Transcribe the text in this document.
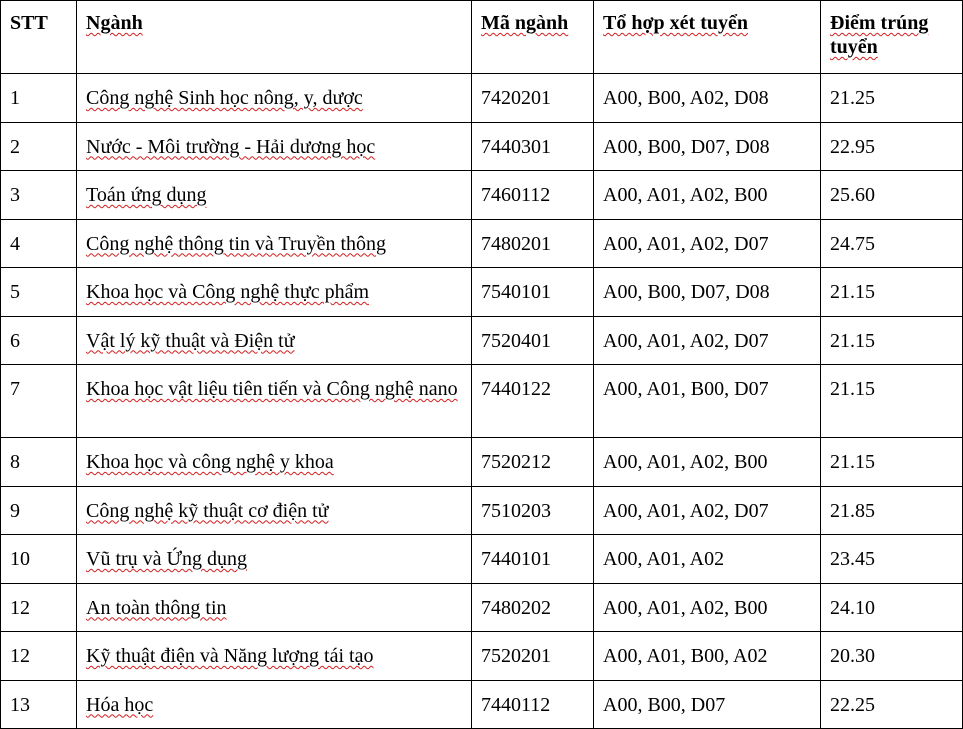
STT	Ngành	Mã ngành	Tổ hợp xét tuyển	Điểm trúng tuyển
1	Công nghệ Sinh học nông, y, dược	7420201	A00, B00, A02, D08	21.25
2	Nước - Môi trường - Hải dương học	7440301	A00, B00, D07, D08	22.95
3	Toán ứng dụng	7460112	A00, A01, A02, B00	25.60
4	Công nghệ thông tin và Truyền thông	7480201	A00, A01, A02, D07	24.75
5	Khoa học và Công nghệ thực phẩm	7540101	A00, B00, D07, D08	21.15
6	Vật lý kỹ thuật và Điện tử	7520401	A00, A01, A02, D07	21.15
7	Khoa học vật liệu tiên tiến và Công nghệ nano	7440122	A00, A01, B00, D07	21.15
8	Khoa học và công nghệ y khoa	7520212	A00, A01, A02, B00	21.15
9	Công nghệ kỹ thuật cơ điện tử	7510203	A00, A01, A02, D07	21.85
10	Vũ trụ và Ứng dụng	7440101	A00, A01, A02	23.45
12	An toàn thông tin	7480202	A00, A01, A02, B00	24.10
12	Kỹ thuật điện và Năng lượng tái tạo	7520201	A00, A01, B00, A02	20.30
13	Hóa học	7440112	A00, B00, D07	22.25
